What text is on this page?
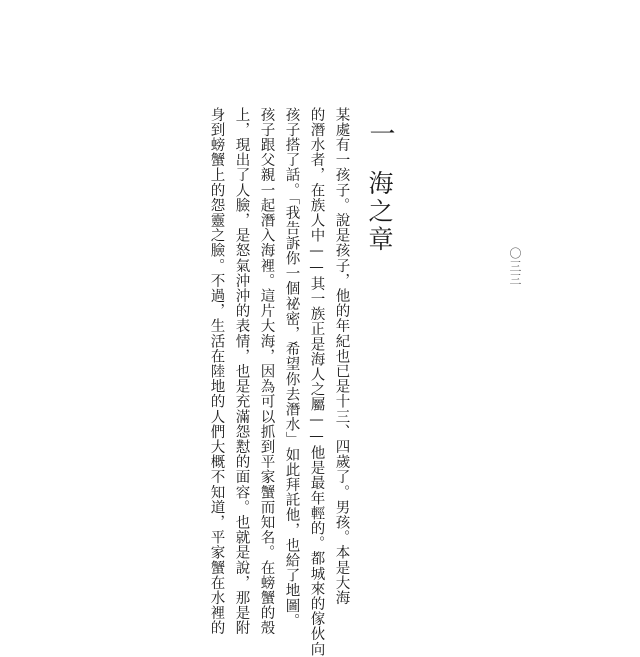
一
海之章
〇三三
某處有一孩子。說是孩子，他的年紀也已是十三、四歲了。男孩。本是大海
的潛水者，在族人中——其一族正是海人之屬——他是最年輕的。都城來的傢伙向
孩子搭了話。「我告訴你一個祕密，希望你去潛水」如此拜託他，也給了地圖。
孩子跟父親一起潛入海裡。這片大海，因為可以抓到平家蟹而知名。在螃蟹的殼
上，現出了人臉，是怒氣沖沖的表情，也是充滿怨懟的面容。也就是說，那是附
身到螃蟹上的怨靈之臉。不過，生活在陸地的人們大概不知道，平家蟹在水裡的
